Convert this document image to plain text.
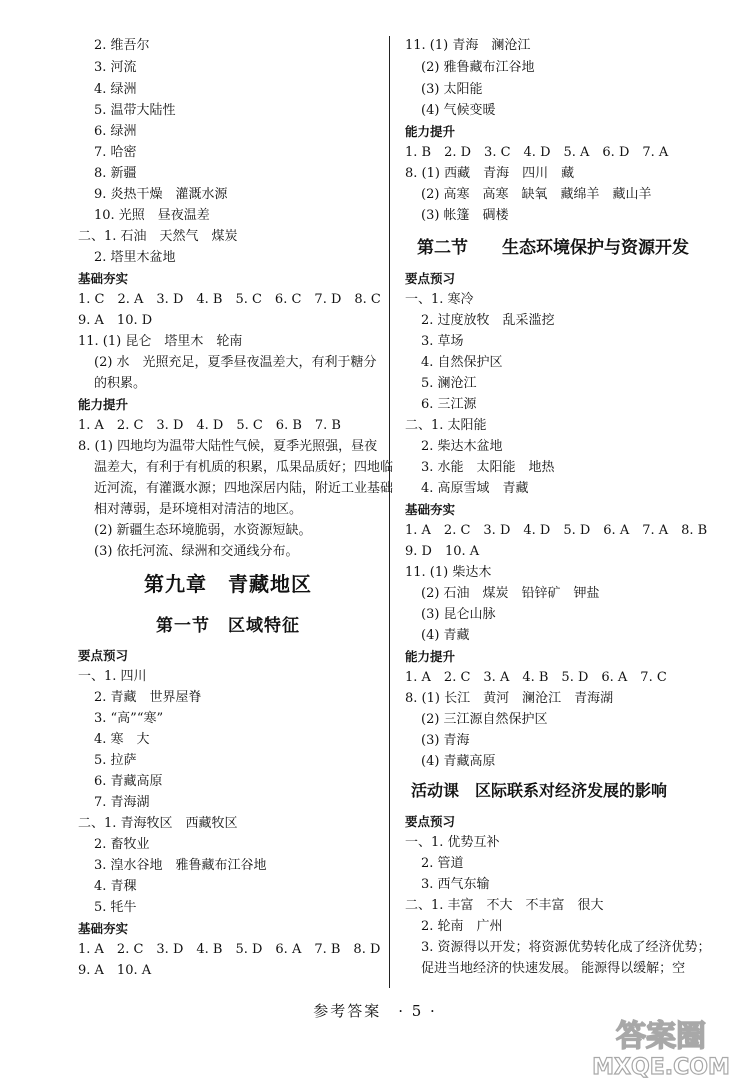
2. 维吾尔
3. 河流
4. 绿洲
5. 温带大陆性
6. 绿洲
7. 哈密
8. 新疆
9. 炎热干燥　灌溉水源
10. 光照　昼夜温差
二、1. 石油　天然气　煤炭
2. 塔里木盆地
基础夯实
1. C　2. A　3. D　4. B　5. C　6. C　7. D　8. C
9. A　10. D
11. (1) 昆仑　塔里木　轮南
(2) 水　光照充足，夏季昼夜温差大，有利于糖分
的积累。
能力提升
1. A　2. C　3. D　4. D　5. C　6. B　7. B
8. (1) 四地均为温带大陆性气候，夏季光照强，昼夜
温差大，有利于有机质的积累，瓜果品质好；四地临
近河流，有灌溉水源；四地深居内陆，附近工业基础
相对薄弱，是环境相对清洁的地区。
(2) 新疆生态环境脆弱，水资源短缺。
(3) 依托河流、绿洲和交通线分布。
第九章　青藏地区
第一节　区域特征
要点预习
一、1. 四川
2. 青藏　世界屋脊
3. “高”“寒”
4. 寒　大
5. 拉萨
6. 青藏高原
7. 青海湖
二、1. 青海牧区　西藏牧区
2. 畜牧业
3. 湟水谷地　雅鲁藏布江谷地
4. 青稞
5. 牦牛
基础夯实
1. A　2. C　3. D　4. B　5. D　6. A　7. B　8. D
9. A　10. A
11. (1) 青海　澜沧江
(2) 雅鲁藏布江谷地
(3) 太阳能
(4) 气候变暖
能力提升
1. B　2. D　3. C　4. D　5. A　6. D　7. A
8. (1) 西藏　青海　四川　藏
(2) 高寒　高寒　缺氧　藏绵羊　藏山羊
(3) 帐篷　碉楼
第二节　　生态环境保护与资源开发
要点预习
一、1. 寒冷
2. 过度放牧　乱采滥挖
3. 草场
4. 自然保护区
5. 澜沧江
6. 三江源
二、1. 太阳能
2. 柴达木盆地
3. 水能　太阳能　地热
4. 高原雪域　青藏
基础夯实
1. A　2. C　3. D　4. D　5. D　6. A　7. A　8. B
9. D　10. A
11. (1) 柴达木
(2) 石油　煤炭　铅锌矿　钾盐
(3) 昆仑山脉
(4) 青藏
能力提升
1. A　2. C　3. A　4. B　5. D　6. A　7. C
8. (1) 长江　黄河　澜沧江　青海湖
(2) 三江源自然保护区
(3) 青海
(4) 青藏高原
活动课　区际联系对经济发展的影响
要点预习
一、1. 优势互补
2. 管道
3. 西气东输
二、1. 丰富　不大　不丰富　很大
2. 轮南　广州
3. 资源得以开发；将资源优势转化成了经济优势；
促进当地经济的快速发展。 能源得以缓解；空
参考答案　· 5 ·
答案圈
MXQE.COM
